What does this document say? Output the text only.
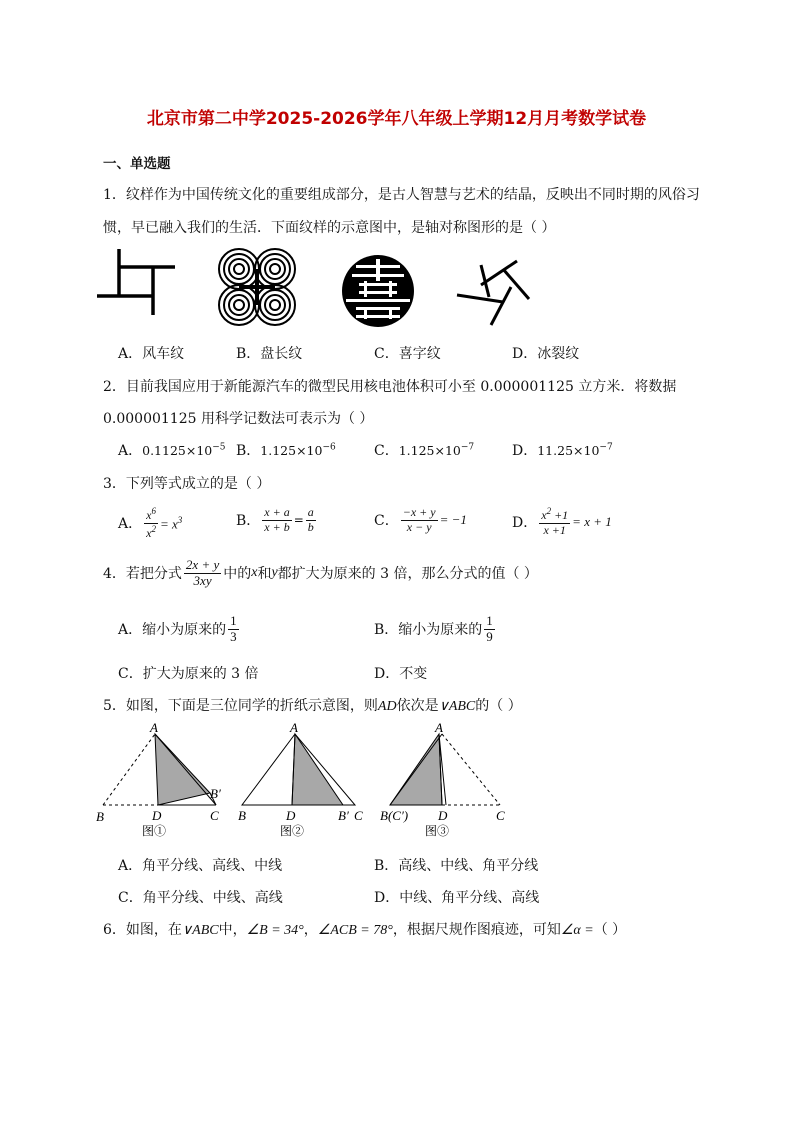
北京市第二中学2025-2026学年八年级上学期12月月考数学试卷
一、单选题
1．纹样作为中国传统文化的重要组成部分，是古人智慧与艺术的结晶，反映出不同时期的风俗习
惯，早已融入我们的生活．下面纹样的示意图中，是轴对称图形的是（ ）
A．风车纹	B．盘长纹	C．喜字纹	D．冰裂纹
2．目前我国应用于新能源汽车的微型民用核电池体积可小至 0.000001125 立方米．将数据
0.000001125 用科学记数法可表示为（ ）
A．$0.1125\times 10^{-5}$ B．$1.125\times 10^{-6}$	C．$1.125\times 10^{-7}$	D．$11.25\times 10^{-7}$
3．下列等式成立的是（ ）
A． $\frac{x^6}{x^2} = x^3$	B． $\frac{x + a}{x + b} = \frac{a}{b}$	C． $\frac{-x + y}{x - y} = -1$	D． $\frac{x^2 +1}{x +1} = x + 1$
4．若把分式 $\frac{2x + y}{3xy}$ 中的 x 和 y 都扩大为原来的 3 倍，那么分式的值（ ）
A．缩小为原来的 $\frac{1}{3}$	B．缩小为原来的 $\frac{1}{9}$
C．扩大为原来的 3 倍	D．不变
5．如图，下面是三位同学的折纸示意图，则AD依次是∨ABC的（ ）
A
B	D	C
B′
图①
A
B	D	B′ C
图②
A
B(C′) D	C
图③
A．角平分线、高线、中线	B．高线、中线、角平分线
C．角平分线、中线、高线	D．中线、角平分线、高线
6．如图，在∨ABC中，∠B = 34°，∠ACB = 78°，根据尺规作图痕迹，可知∠α =（ ）
